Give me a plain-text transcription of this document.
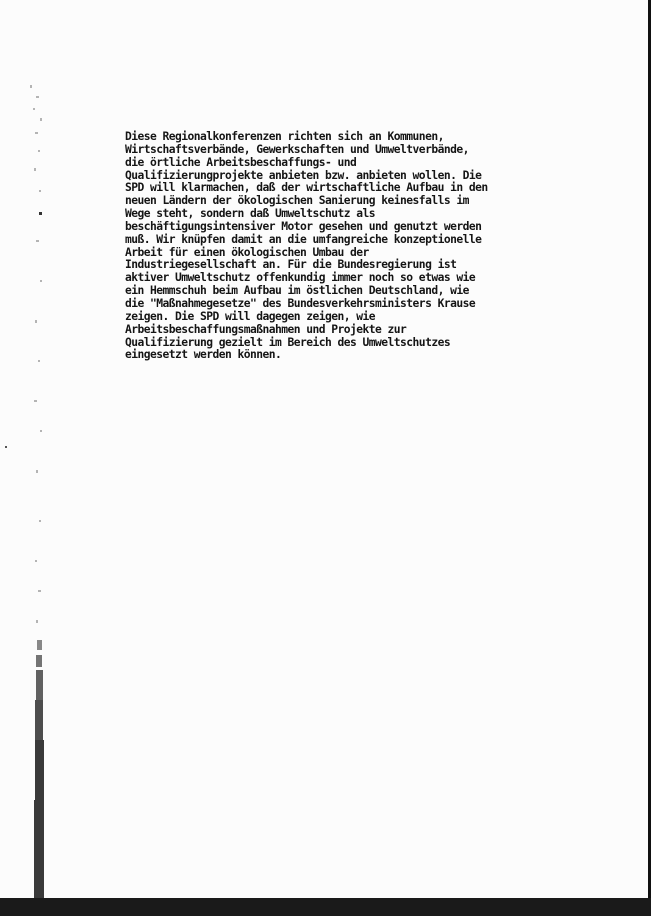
Diese Regionalkonferenzen richten sich an Kommunen,
Wirtschaftsverbände, Gewerkschaften und Umweltverbände,
die örtliche Arbeitsbeschaffungs- und
Qualifizierungprojekte anbieten bzw. anbieten wollen. Die
SPD will klarmachen, daß der wirtschaftliche Aufbau in den
neuen Ländern der ökologischen Sanierung keinesfalls im
Wege steht, sondern daß Umweltschutz als
beschäftigungsintensiver Motor gesehen und genutzt werden
muß. Wir knüpfen damit an die umfangreiche konzeptionelle
Arbeit für einen ökologischen Umbau der
Industriegesellschaft an. Für die Bundesregierung ist
aktiver Umweltschutz offenkundig immer noch so etwas wie
ein Hemmschuh beim Aufbau im östlichen Deutschland, wie
die "Maßnahmegesetze" des Bundesverkehrsministers Krause
zeigen. Die SPD will dagegen zeigen, wie
Arbeitsbeschaffungsmaßnahmen und Projekte zur
Qualifizierung gezielt im Bereich des Umweltschutzes
eingesetzt werden können.
